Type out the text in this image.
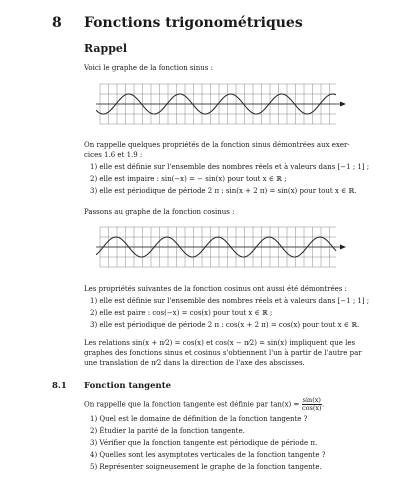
8 Fonctions trigonométriques
Rappel
Voici le graphe de la fonction sinus :
On rappelle quelques propriétés de la fonction sinus démontrées aux exer-
cices 1.6 et 1.9 :
1) elle est définie sur l'ensemble des nombres réels et à valeurs dans [−1 ; 1] ;
2) elle est impaire : sin(−x) = − sin(x) pour tout x ∈ ℝ ;
3) elle est périodique de période 2 π : sin(x + 2 π) = sin(x) pour tout x ∈ ℝ.
Passons au graphe de la fonction cosinus :
Les propriétés suivantes de la fonction cosinus ont aussi été démontrées :
1) elle est définie sur l'ensemble des nombres réels et à valeurs dans [−1 ; 1] ;
2) elle est paire : cos(−x) = cos(x) pour tout x ∈ ℝ ;
3) elle est périodique de période 2 π : cos(x + 2 π) = cos(x) pour tout x ∈ ℝ.
Les relations sin(x + π⁄2) = cos(x) et cos(x − π⁄2) = sin(x) impliquent que les
graphes des fonctions sinus et cosinus s'obtiennent l'un à partir de l'autre par
une translation de π⁄2 dans la direction de l'axe des abscisses.
8.1 Fonction tangente
On rappelle que la fonction tangente est définie par $\tan(x) = \frac{\sin(x)}{\cos(x)}$ .
1) Quel est le domaine de définition de la fonction tangente ?
2) Étudier la parité de la fonction tangente.
3) Vérifier que la fonction tangente est périodique de période π.
4) Quelles sont les asymptotes verticales de la fonction tangente ?
5) Représenter soigneusement le graphe de la fonction tangente.
